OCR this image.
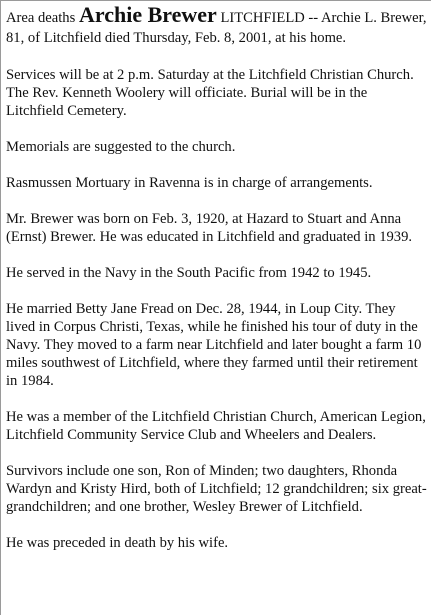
Area deaths Archie Brewer LITCHFIELD -- Archie L. Brewer, 81, of Litchfield died Thursday, Feb. 8, 2001, at his home.

Services will be at 2 p.m. Saturday at the Litchfield Christian Church. The Rev. Kenneth Woolery will officiate. Burial will be in the Litchfield Cemetery.

Memorials are suggested to the church.

Rasmussen Mortuary in Ravenna is in charge of arrangements.

Mr. Brewer was born on Feb. 3, 1920, at Hazard to Stuart and Anna (Ernst) Brewer. He was educated in Litchfield and graduated in 1939.

He served in the Navy in the South Pacific from 1942 to 1945.

He married Betty Jane Fread on Dec. 28, 1944, in Loup City. They lived in Corpus Christi, Texas, while he finished his tour of duty in the Navy. They moved to a farm near Litchfield and later bought a farm 10 miles southwest of Litchfield, where they farmed until their retirement in 1984.

He was a member of the Litchfield Christian Church, American Legion, Litchfield Community Service Club and Wheelers and Dealers.

Survivors include one son, Ron of Minden; two daughters, Rhonda Wardyn and Kristy Hird, both of Litchfield; 12 grandchildren; six great-grandchildren; and one brother, Wesley Brewer of Litchfield.

He was preceded in death by his wife.
